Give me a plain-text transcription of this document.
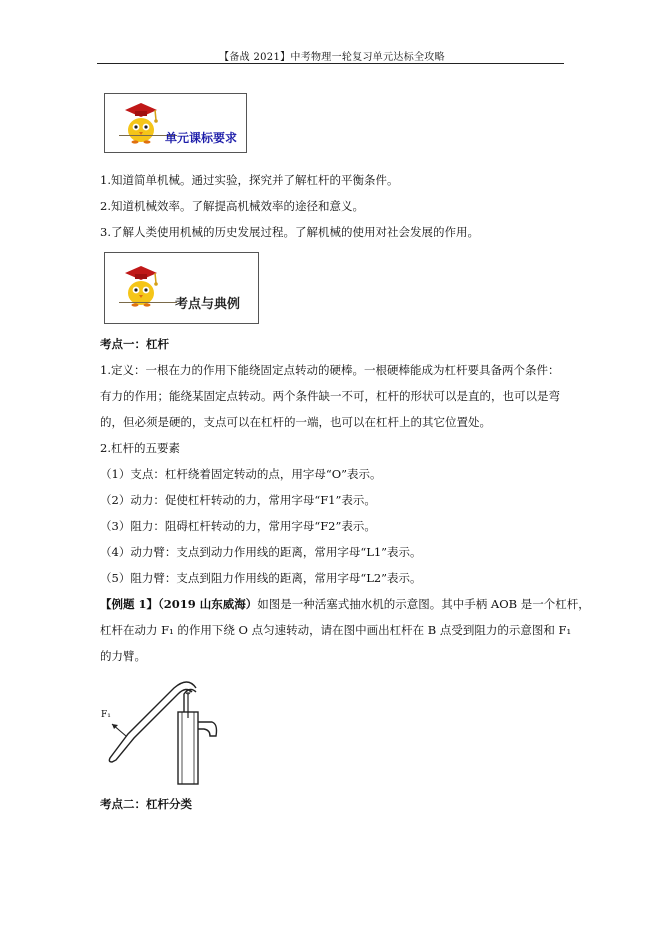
【备战 2021】中考物理一轮复习单元达标全攻略
单元课标要求
1.知道简单机械。通过实验，探究并了解杠杆的平衡条件。
2.知道机械效率。了解提高机械效率的途径和意义。
3.了解人类使用机械的历史发展过程。了解机械的使用对社会发展的作用。
考点与典例
考点一：杠杆
1.定义：一根在力的作用下能绕固定点转动的硬棒。一根硬棒能成为杠杆要具备两个条件：
有力的作用；能绕某固定点转动。两个条件缺一不可，杠杆的形状可以是直的，也可以是弯
的，但必须是硬的，支点可以在杠杆的一端，也可以在杠杆上的其它位置处。
2.杠杆的五要素
（1）支点：杠杆绕着固定转动的点，用字母“O”表示。
（2）动力：促使杠杆转动的力，常用字母“F1”表示。
（3）阻力：阻碍杠杆转动的力，常用字母“F2”表示。
（4）动力臂：支点到动力作用线的距离，常用字母“L1”表示。
（5）阻力臂：支点到阻力作用线的距离，常用字母“L2”表示。
【例题 1】（2019 山东威海）如图是一种活塞式抽水机的示意图。其中手柄 AOB 是一个杠杆，
杠杆在动力 F₁ 的作用下绕 O 点匀速转动，请在图中画出杠杆在 B 点受到阻力的示意图和 F₁
的力臂。
F₁
考点二：杠杆分类
